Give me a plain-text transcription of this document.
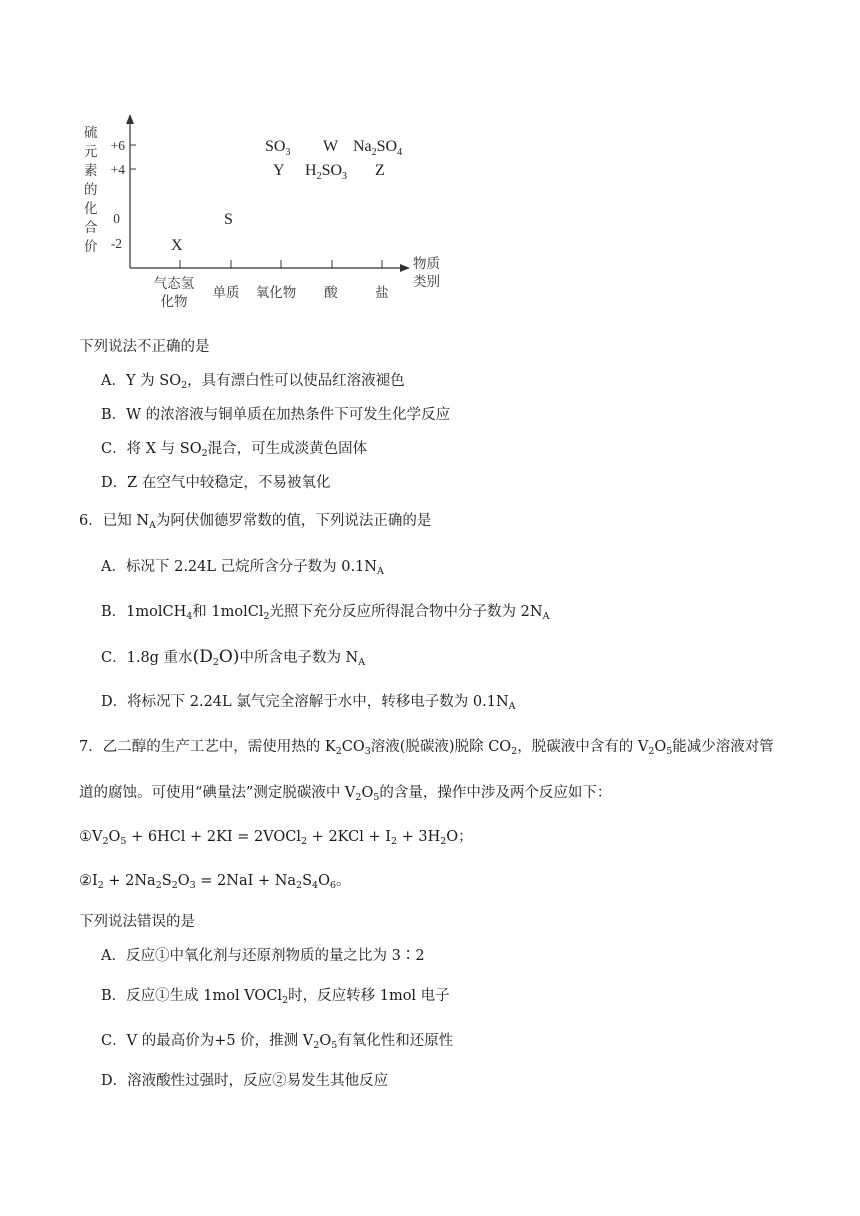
硫
元
素
的
化
合
价
+6
+4
0
-2
气态氢
化物
单质 氧化物 酸	盐
物质
类别
$SO_3$ W $Na_2SO_4$
Y $H_2SO_3$ Z
S
X
下列说法不正确的是
A．Y 为 $SO_2$，具有漂白性可以使品红溶液褪色
B．W 的浓溶液与铜单质在加热条件下可发生化学反应
C．将 X 与 $SO_2$混合，可生成淡黄色固体
D．Z 在空气中较稳定，不易被氧化
6．已知 $N_A$为阿伏伽德罗常数的值，下列说法正确的是
A．标况下 2.24L 己烷所含分子数为 $0.1N_A$
B．1molCH$_4$和 1molCl$_2$光照下充分反应所得混合物中分子数为 $2N_A$
C．1.8g 重水$(D_2O)$中所含电子数为 $N_A$
D．将标况下 2.24L 氯气完全溶解于水中，转移电子数为 $0.1N_A$
7．乙二醇的生产工艺中，需使用热的 $K_2CO_3$溶液(脱碳液)脱除 $CO_2$，脱碳液中含有的 $V_2O_5$能减少溶液对管
道的腐蚀。可使用“碘量法”测定脱碳液中 $V_2O_5$的含量，操作中涉及两个反应如下：
$①V_2O_5 + 6HCl + 2KI$ = 2VOCl$_2$ + $2KCl + I_2 + 3H_2O$；
$②I_2 + 2Na_2S_2O_3 = 2NaI + Na_2S_4O_6$。
下列说法错误的是
A．反应①中氧化剂与还原剂物质的量之比为 3∶2
B．反应①生成 1mol VOCl$_2$时，反应转移 1mol 电子
C．V 的最高价为+5 价，推测 $V_2O_5$有氧化性和还原性
D．溶液酸性过强时，反应②易发生其他反应
